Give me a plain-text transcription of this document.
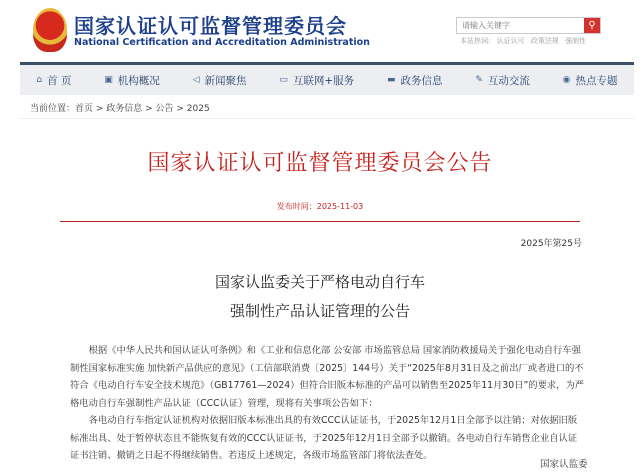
国家认证认可监督管理委员会
National Certification and Accreditation Administration
请输入关键字
⚲
本站热词: 认证认可 政策法规 强制性
⌂ 首 页	▣ 机构概况	◁ 新闻聚焦	▭ 互联网+服务	▬ 政务信息	✎ 互动交流	◉ 热点专题
当前位置：首页 > 政务信息 > 公告 > 2025
国家认证认可监督管理委员会公告
发布时间：2025-11-03
2025年第25号
国家认监委关于严格电动自行车
强制性产品认证管理的公告

根据《中华人民共和国认证认可条例》和《工业和信息化部 公安部 市场监管总局 国家消防救援局关于强化电动自行车强制性国家标准实施 加快新产品供应的意见》（工信部联消费〔2025〕144号）关于“2025年8月31日及之前出厂或者进口的不符合《电动自行车安全技术规范》（GB17761—2024）但符合旧版本标准的产品可以销售至2025年11月30日”的要求，为严格电动自行车强制性产品认证（CCC认证）管理，现将有关事项公告如下：

各电动自行车指定认证机构对依据旧版本标准出具的有效CCC认证证书，于2025年12月1日全部予以注销；对依据旧版标准出具、处于暂停状态且不能恢复有效的CCC认证证书，于2025年12月1日全部予以撤销。各电动自行车销售企业自认证证书注销、撤销之日起不得继续销售。若违反上述规定，各级市场监管部门将依法查处。

国家认监委
